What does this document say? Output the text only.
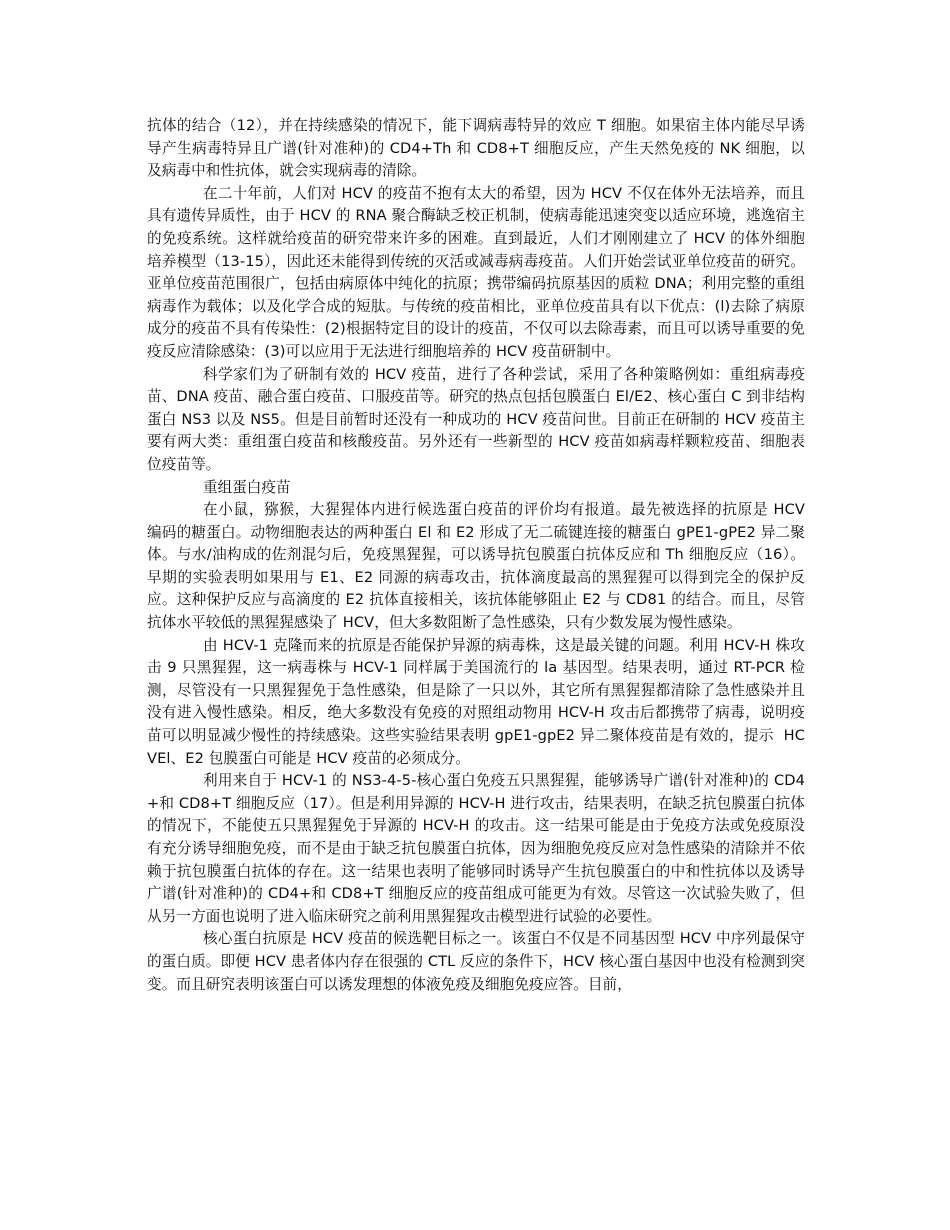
抗体的结合（12），并在持续感染的情况下，能下调病毒特异的效应 T 细胞。如果宿主体内能尽早诱导产生病毒特异且广谱(针对准种)的 CD4+Th 和 CD8+T 细胞反应，产生天然免疫的 NK 细胞，以及病毒中和性抗体，就会实现病毒的清除。

在二十年前，人们对 HCV 的疫苗不抱有太大的希望，因为 HCV 不仅在体外无法培养，而且具有遗传异质性，由于 HCV 的 RNA 聚合酶缺乏校正机制，使病毒能迅速突变以适应环境，逃逸宿主的免疫系统。这样就给疫苗的研究带来许多的困难。直到最近，人们才刚刚建立了 HCV 的体外细胞培养模型（13-15），因此还未能得到传统的灭活或减毒病毒疫苗。人们开始尝试亚单位疫苗的研究。亚单位疫苗范围很广，包括由病原体中纯化的抗原；携带编码抗原基因的质粒 DNA；利用完整的重组病毒作为载体；以及化学合成的短肽。与传统的疫苗相比，亚单位疫苗具有以下优点：(l)去除了病原成分的疫苗不具有传染性：(2)根据特定目的设计的疫苗，不仅可以去除毒素，而且可以诱导重要的免疫反应清除感染：(3)可以应用于无法进行细胞培养的 HCV 疫苗研制中。

科学家们为了研制有效的 HCV 疫苗，进行了各种尝试，采用了各种策略例如：重组病毒疫苗、DNA 疫苗、融合蛋白疫苗、口服疫苗等。研究的热点包括包膜蛋白 El/E2、核心蛋白 C 到非结构蛋白 NS3 以及 NS5。但是目前暂时还没有一种成功的 HCV 疫苗问世。目前正在研制的 HCV 疫苗主要有两大类：重组蛋白疫苗和核酸疫苗。另外还有一些新型的 HCV 疫苗如病毒样颗粒疫苗、细胞表位疫苗等。

重组蛋白疫苗

在小鼠，猕猴，大猩猩体内进行候选蛋白疫苗的评价均有报道。最先被选择的抗原是 HCV  编码的糖蛋白。动物细胞表达的两种蛋白 El 和 E2 形成了无二硫键连接的糖蛋白 gPE1-gPE2 异二聚体。与水/油构成的佐剂混匀后，免疫黑猩猩，可以诱导抗包膜蛋白抗体反应和 Th 细胞反应（16）。早期的实验表明如果用与 E1、E2 同源的病毒攻击，抗体滴度最高的黑猩猩可以得到完全的保护反应。这种保护反应与高滴度的 E2 抗体直接相关，该抗体能够阻止 E2 与 CD81 的结合。而且，尽管抗体水平较低的黑猩猩感染了 HCV，但大多数阻断了急性感染，只有少数发展为慢性感染。

由 HCV-1 克隆而来的抗原是否能保护异源的病毒株，这是最关键的问题。利用 HCV-H 株攻击 9 只黑猩猩，这一病毒株与 HCV-1 同样属于美国流行的 la 基因型。结果表明，通过 RT-PCR 检测，尽管没有一只黑猩猩免于急性感染，但是除了一只以外，其它所有黑猩猩都清除了急性感染并且没有进入慢性感染。相反，绝大多数没有免疫的对照组动物用 HCV-H 攻击后都携带了病毒，说明疫苗可以明显减少慢性的持续感染。这些实验结果表明 gpE1-gpE2 异二聚体疫苗是有效的，提示  HCVEl、E2 包膜蛋白可能是 HCV 疫苗的必须成分。

利用来自于 HCV-1 的 NS3-4-5-核心蛋白免疫五只黑猩猩，能够诱导广谱(针对准种)的 CD4+和 CD8+T 细胞反应（17）。但是利用异源的 HCV-H 进行攻击，结果表明，在缺乏抗包膜蛋白抗体的情况下，不能使五只黑猩猩免于异源的 HCV-H 的攻击。这一结果可能是由于免疫方法或免疫原没有充分诱导细胞免疫，而不是由于缺乏抗包膜蛋白抗体，因为细胞免疫反应对急性感染的清除并不依赖于抗包膜蛋白抗体的存在。这一结果也表明了能够同时诱导产生抗包膜蛋白的中和性抗体以及诱导广谱(针对准种)的 CD4+和 CD8+T 细胞反应的疫苗组成可能更为有效。尽管这一次试验失败了，但从另一方面也说明了进入临床研究之前利用黑猩猩攻击模型进行试验的必要性。

核心蛋白抗原是 HCV 疫苗的候选靶目标之一。该蛋白不仅是不同基因型 HCV 中序列最保守的蛋白质。即便 HCV 患者体内存在很强的 CTL 反应的条件下，HCV 核心蛋白基因中也没有检测到突变。而且研究表明该蛋白可以诱发理想的体液免疫及细胞免疫应答。目前，
